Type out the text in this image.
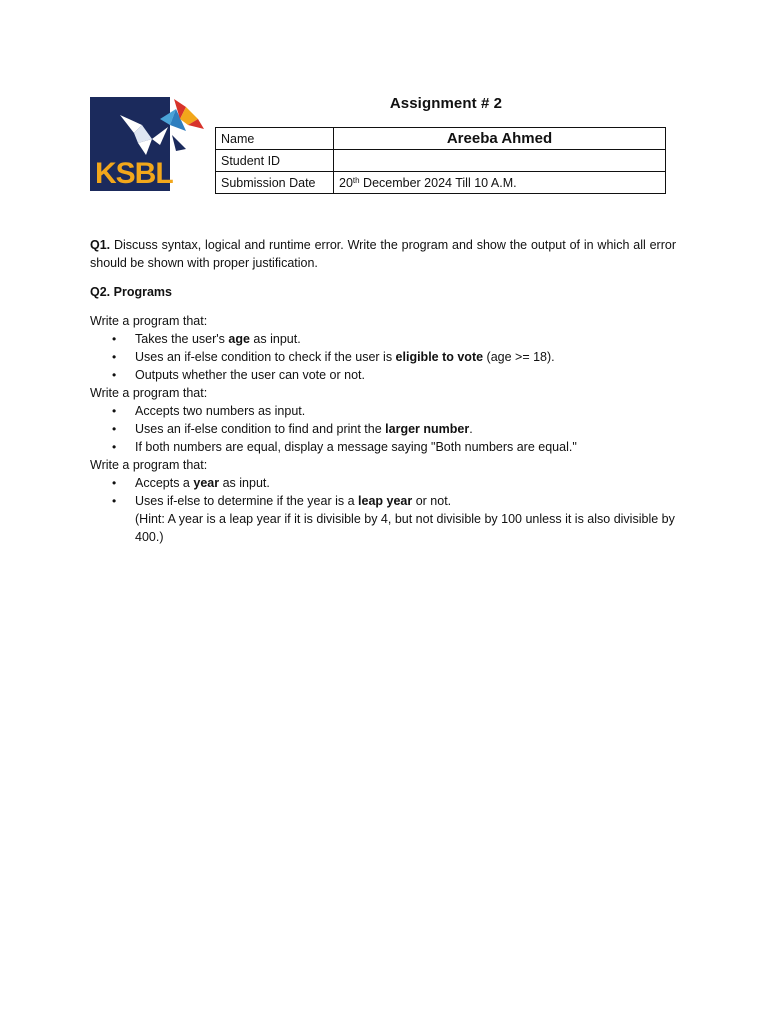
KSBL
Assignment # 2
Name	Areeba Ahmed
Student ID	
Submission Date	20th December 2024 Till 10 A.M.

Q1. Discuss syntax, logical and runtime error. Write the program and show the output of in which all error should be shown with proper justification.

Q2. Programs

Write a program that:

• Takes the user's age as input.
• Uses an if-else condition to check if the user is eligible to vote (age >= 18).
• Outputs whether the user can vote or not.

Write a program that:

• Accepts two numbers as input.
• Uses an if-else condition to find and print the larger number.
• If both numbers are equal, display a message saying "Both numbers are equal."

Write a program that:

• Accepts a year as input.
• Uses if-else to determine if the year is a leap year or not.
(Hint: A year is a leap year if it is divisible by 4, but not divisible by 100 unless it is also divisible by 400.)
